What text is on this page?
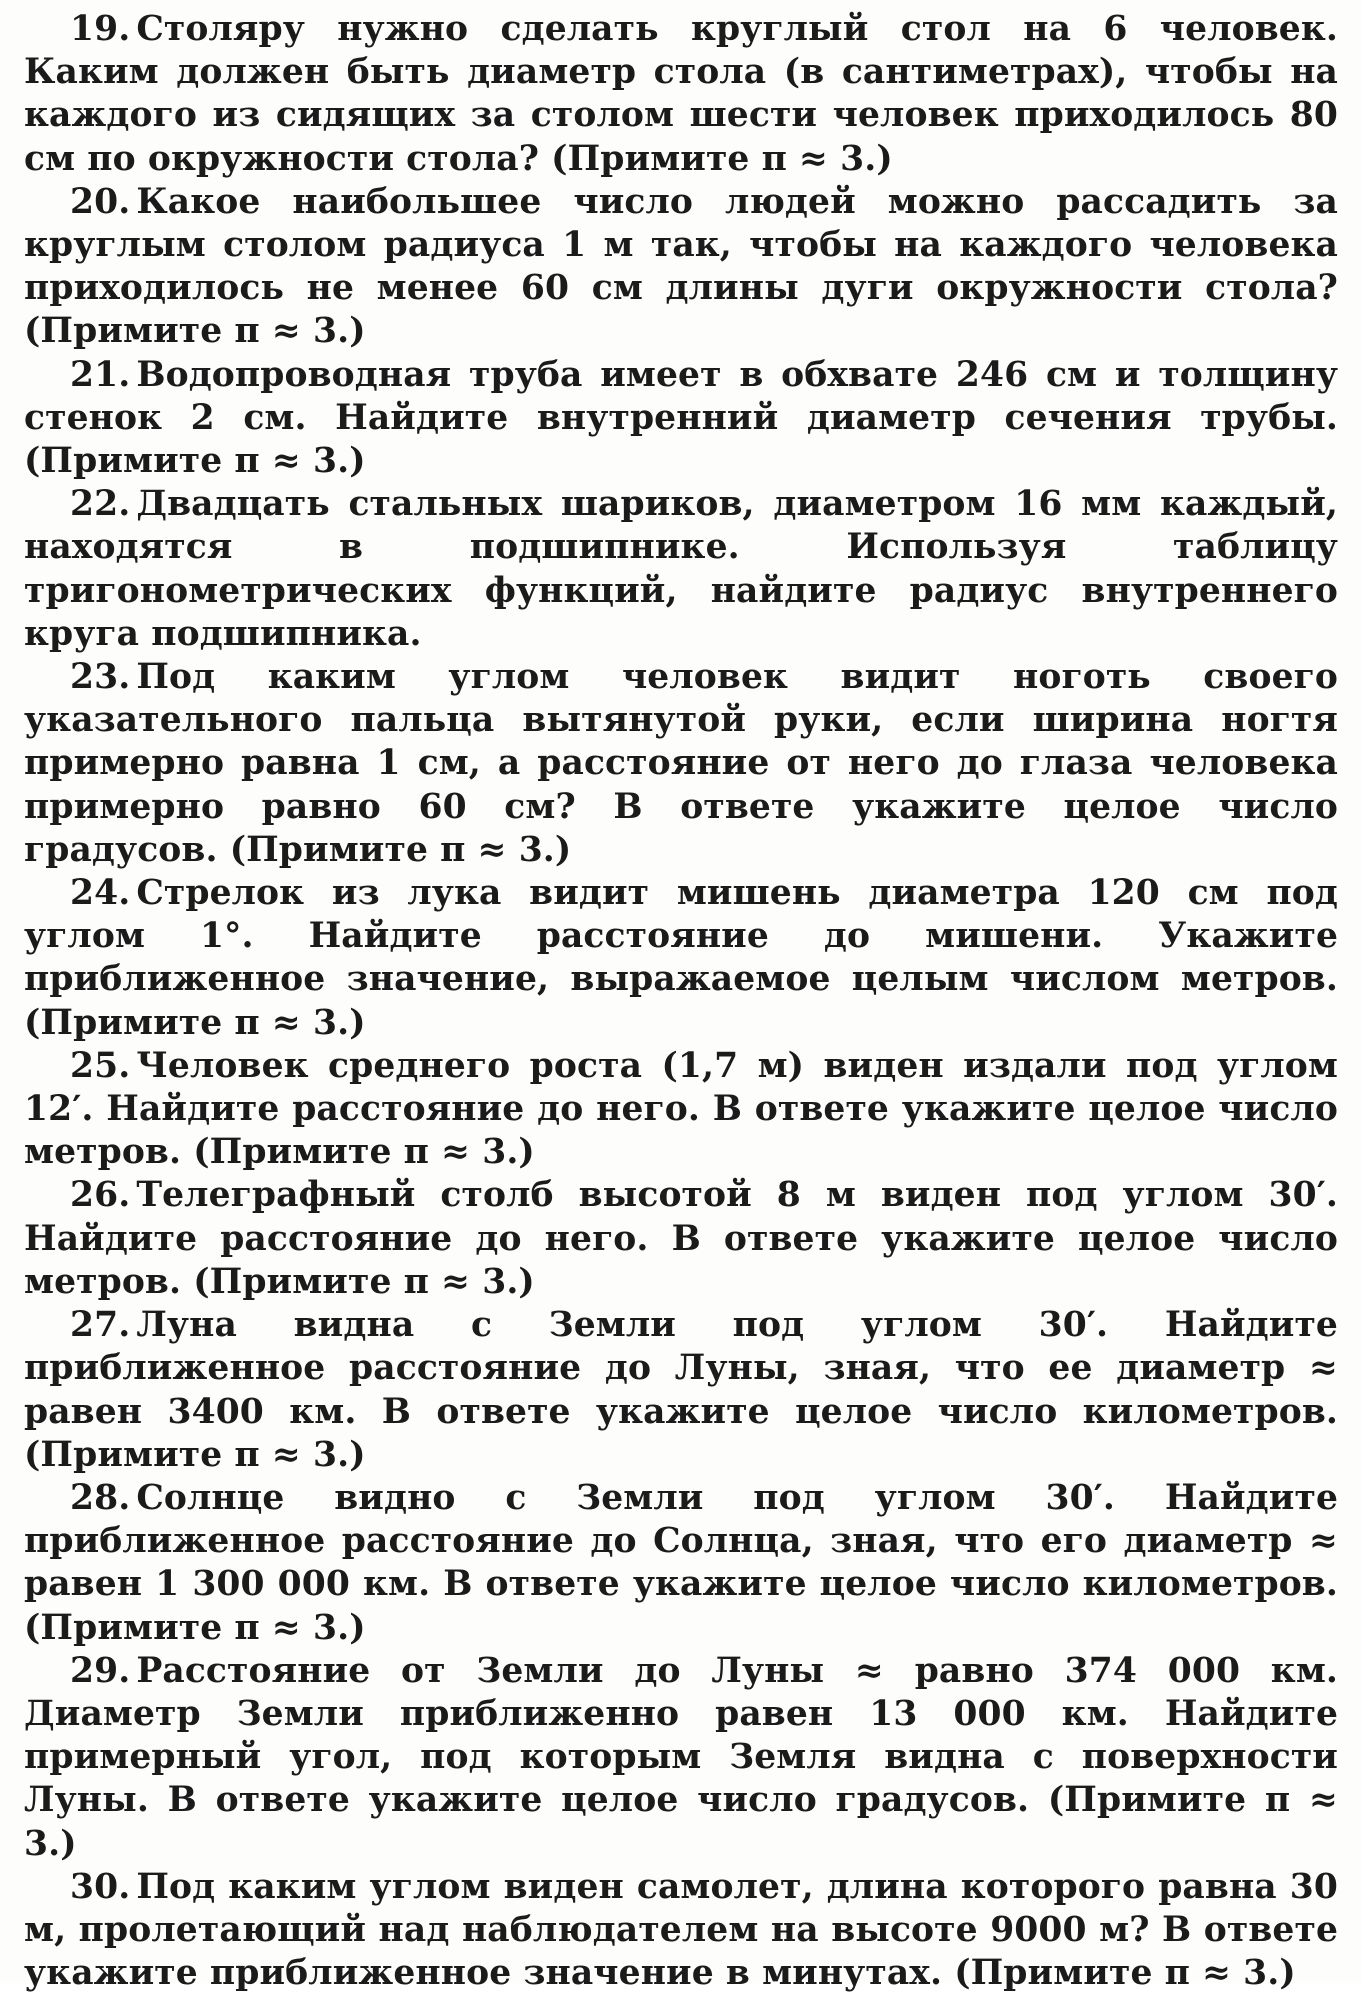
19. Столяру нужно сделать круглый стол на 6 человек. Каким должен быть диаметр стола (в сантиметрах), чтобы на каждого из сидящих за столом шести человек приходилось 80 см по окружности стола? (Примите π ≈ 3.)

20. Какое наибольшее число людей можно рассадить за круглым столом радиуса 1 м так, чтобы на каждого человека приходилось не менее 60 см длины дуги окружности стола? (Примите π ≈ 3.)

21. Водопроводная труба имеет в обхвате 246 см и толщину стенок 2 см. Найдите внутренний диаметр сечения трубы. (Примите π ≈ 3.)

22. Двадцать стальных шариков, диаметром 16 мм каждый, находятся в подшипнике. Используя таблицу тригонометрических функций, найдите радиус внутреннего круга подшипника.

23. Под каким углом человек видит ноготь своего указательного пальца вытянутой руки, если ширина ногтя примерно равна 1 см, а расстояние от него до глаза человека примерно равно 60 см? В ответе укажите целое число градусов. (Примите π ≈ 3.)

24. Стрелок из лука видит мишень диаметра 120 см под углом 1°. Найдите расстояние до мишени. Укажите приближенное значение, выражаемое целым числом метров. (Примите π ≈ 3.)

25. Человек среднего роста (1,7 м) виден издали под углом 12′. Найдите расстояние до него. В ответе укажите целое число метров. (Примите π ≈ 3.)

26. Телеграфный столб высотой 8 м виден под углом 30′. Найдите расстояние до него. В ответе укажите целое число метров. (Примите π ≈ 3.)

27. Луна видна с Земли под углом 30′. Найдите приближенное расстояние до Луны, зная, что ее диаметр ≈ равен 3400 км. В ответе укажите целое число километров. (Примите π ≈ 3.)

28. Солнце видно с Земли под углом 30′. Найдите приближенное расстояние до Солнца, зная, что его диаметр ≈ равен 1 300 000 км. В ответе укажите целое число километров. (Примите π ≈ 3.)

29. Расстояние от Земли до Луны ≈ равно 374 000 км. Диаметр Земли приближенно равен 13 000 км. Найдите примерный угол, под которым Земля видна с поверхности Луны. В ответе укажите целое число градусов. (Примите π ≈ 3.)

30. Под каким углом виден самолет, длина которого равна 30 м, пролетающий над наблюдателем на высоте 9000 м? В ответе укажите приближенное значение в минутах. (Примите π ≈ 3.)
